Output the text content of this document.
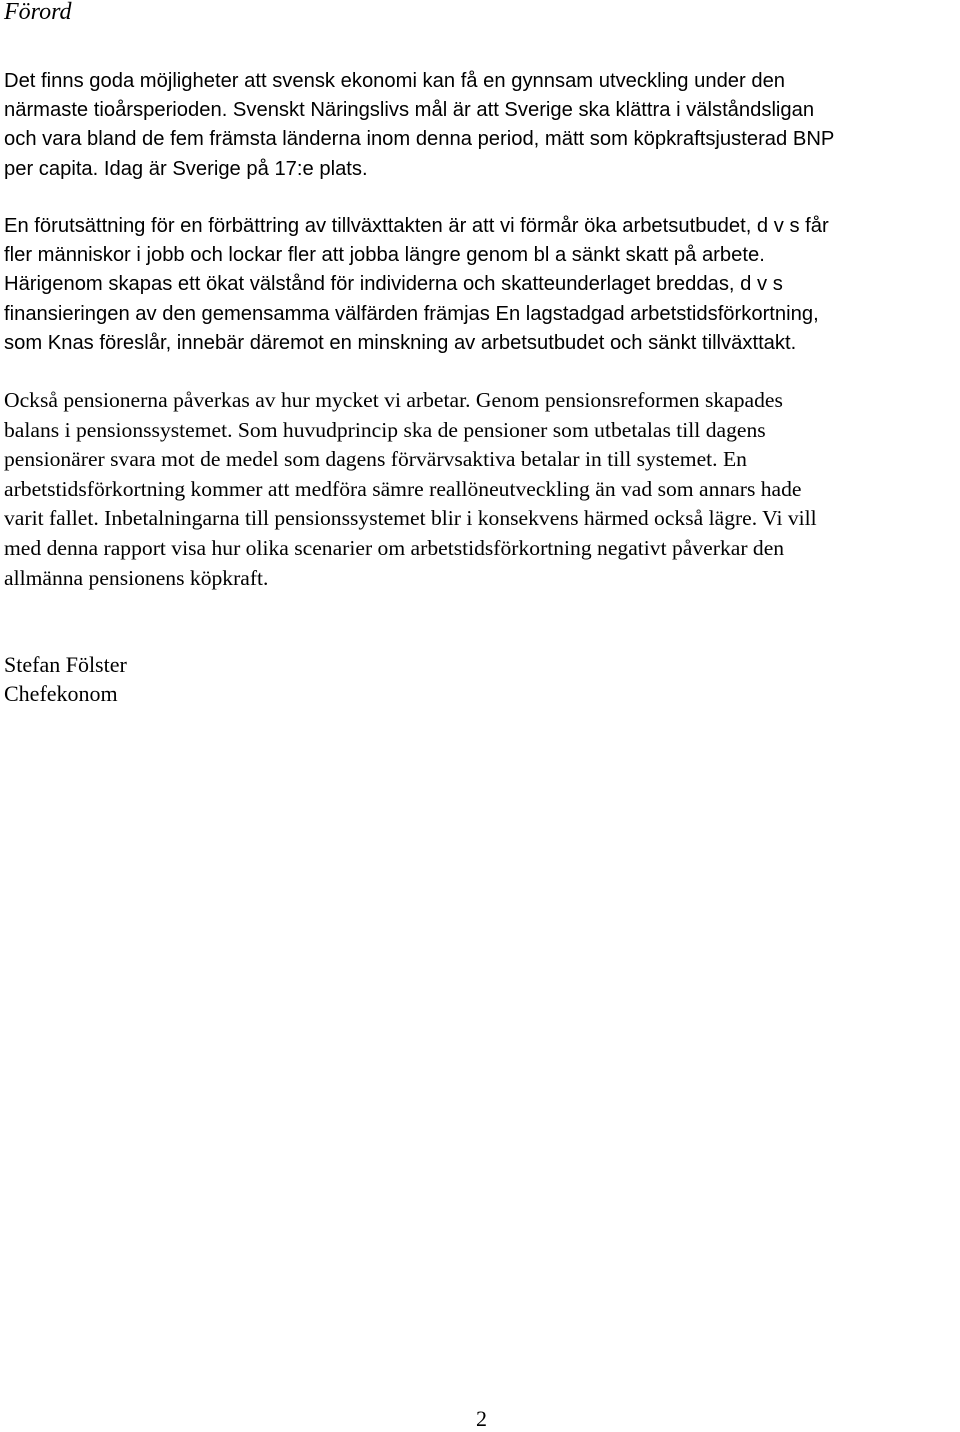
Förord

Det finns goda möjligheter att svensk ekonomi kan få en gynnsam utveckling under den
närmaste tioårsperioden. Svenskt Näringslivs mål är att Sverige ska klättra i välståndsligan
och vara bland de fem främsta länderna inom denna period, mätt som köpkraftsjusterad BNP
per capita. Idag är Sverige på 17:e plats.

En förutsättning för en förbättring av tillväxttakten är att vi förmår öka arbetsutbudet, d v s får
fler människor i jobb och lockar fler att jobba längre genom bl a sänkt skatt på arbete.
Härigenom skapas ett ökat välstånd för individerna och skatteunderlaget breddas, d v s
finansieringen av den gemensamma välfärden främjas En lagstadgad arbetstidsförkortning,
som Knas föreslår, innebär däremot en minskning av arbetsutbudet och sänkt tillväxttakt.

Också pensionerna påverkas av hur mycket vi arbetar. Genom pensionsreformen skapades
balans i pensionssystemet. Som huvudprincip ska de pensioner som utbetalas till dagens
pensionärer svara mot de medel som dagens förvärvsaktiva betalar in till systemet. En
arbetstidsförkortning kommer att medföra sämre reallöneutveckling än vad som annars hade
varit fallet. Inbetalningarna till pensionssystemet blir i konsekvens härmed också lägre. Vi vill
med denna rapport visa hur olika scenarier om arbetstidsförkortning negativt påverkar den
allmänna pensionens köpkraft.

Stefan Fölster
Chefekonom
2
